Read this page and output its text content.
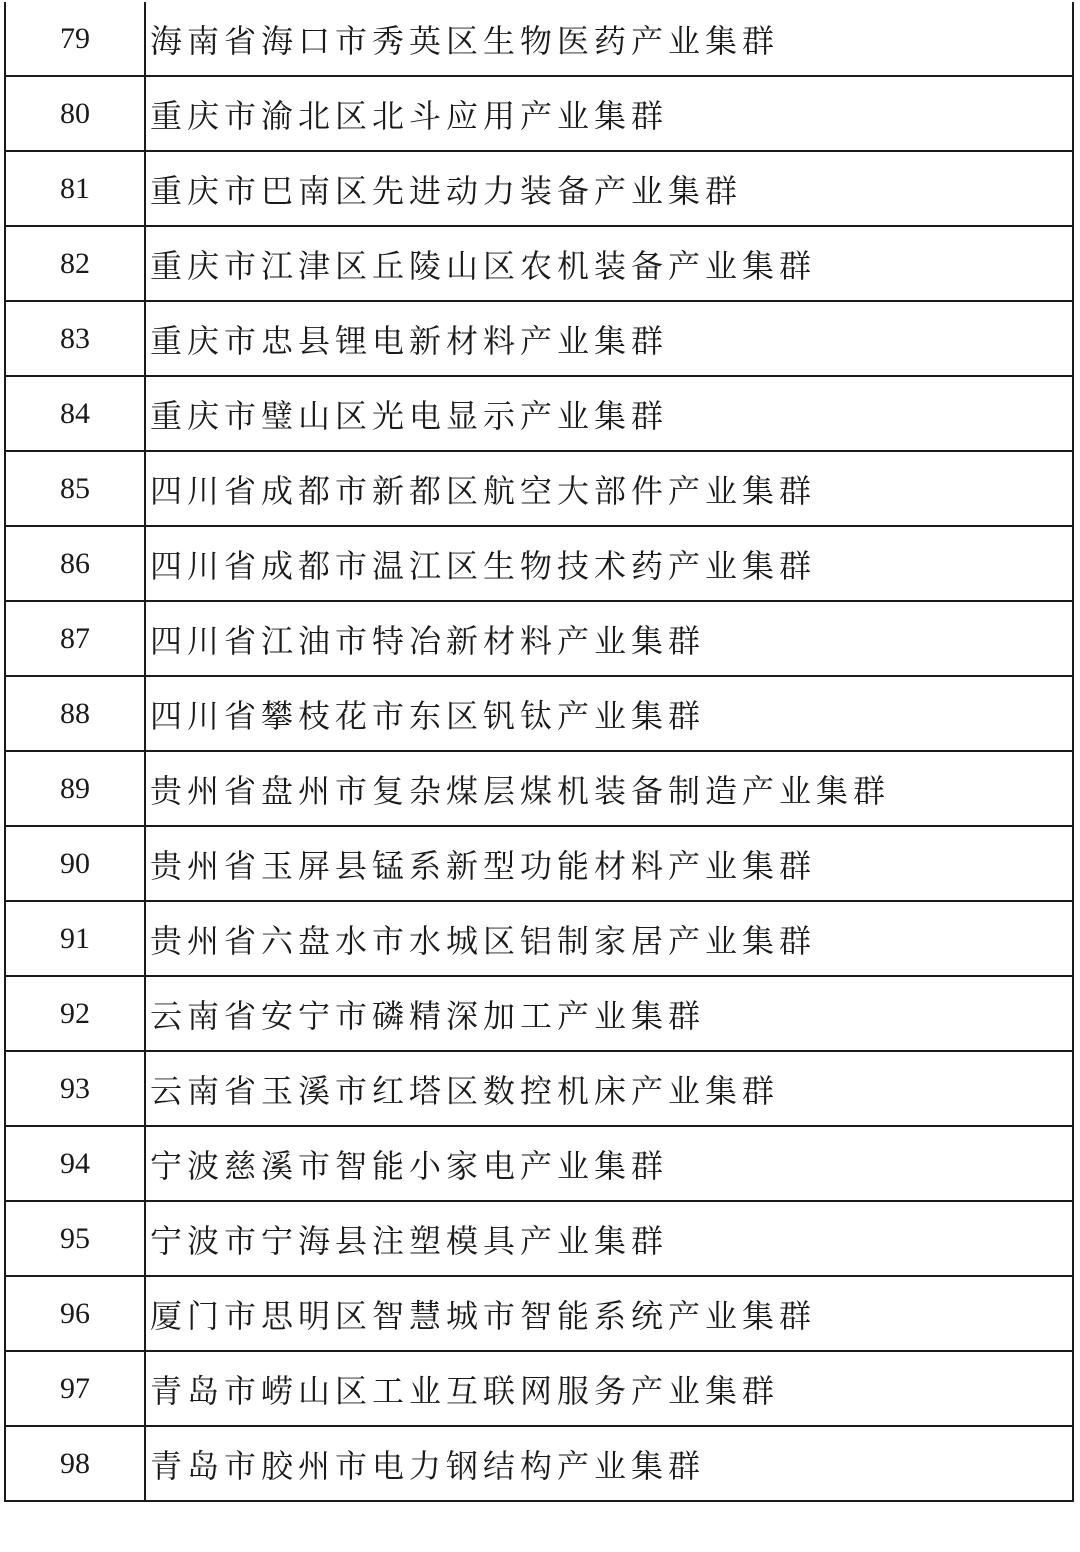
79	海南省海口市秀英区生物医药产业集群
80	重庆市渝北区北斗应用产业集群
81	重庆市巴南区先进动力装备产业集群
82	重庆市江津区丘陵山区农机装备产业集群
83	重庆市忠县锂电新材料产业集群
84	重庆市璧山区光电显示产业集群
85	四川省成都市新都区航空大部件产业集群
86	四川省成都市温江区生物技术药产业集群
87	四川省江油市特冶新材料产业集群
88	四川省攀枝花市东区钒钛产业集群
89	贵州省盘州市复杂煤层煤机装备制造产业集群
90	贵州省玉屏县锰系新型功能材料产业集群
91	贵州省六盘水市水城区铝制家居产业集群
92	云南省安宁市磷精深加工产业集群
93	云南省玉溪市红塔区数控机床产业集群
94	宁波慈溪市智能小家电产业集群
95	宁波市宁海县注塑模具产业集群
96	厦门市思明区智慧城市智能系统产业集群
97	青岛市崂山区工业互联网服务产业集群
98	青岛市胶州市电力钢结构产业集群
